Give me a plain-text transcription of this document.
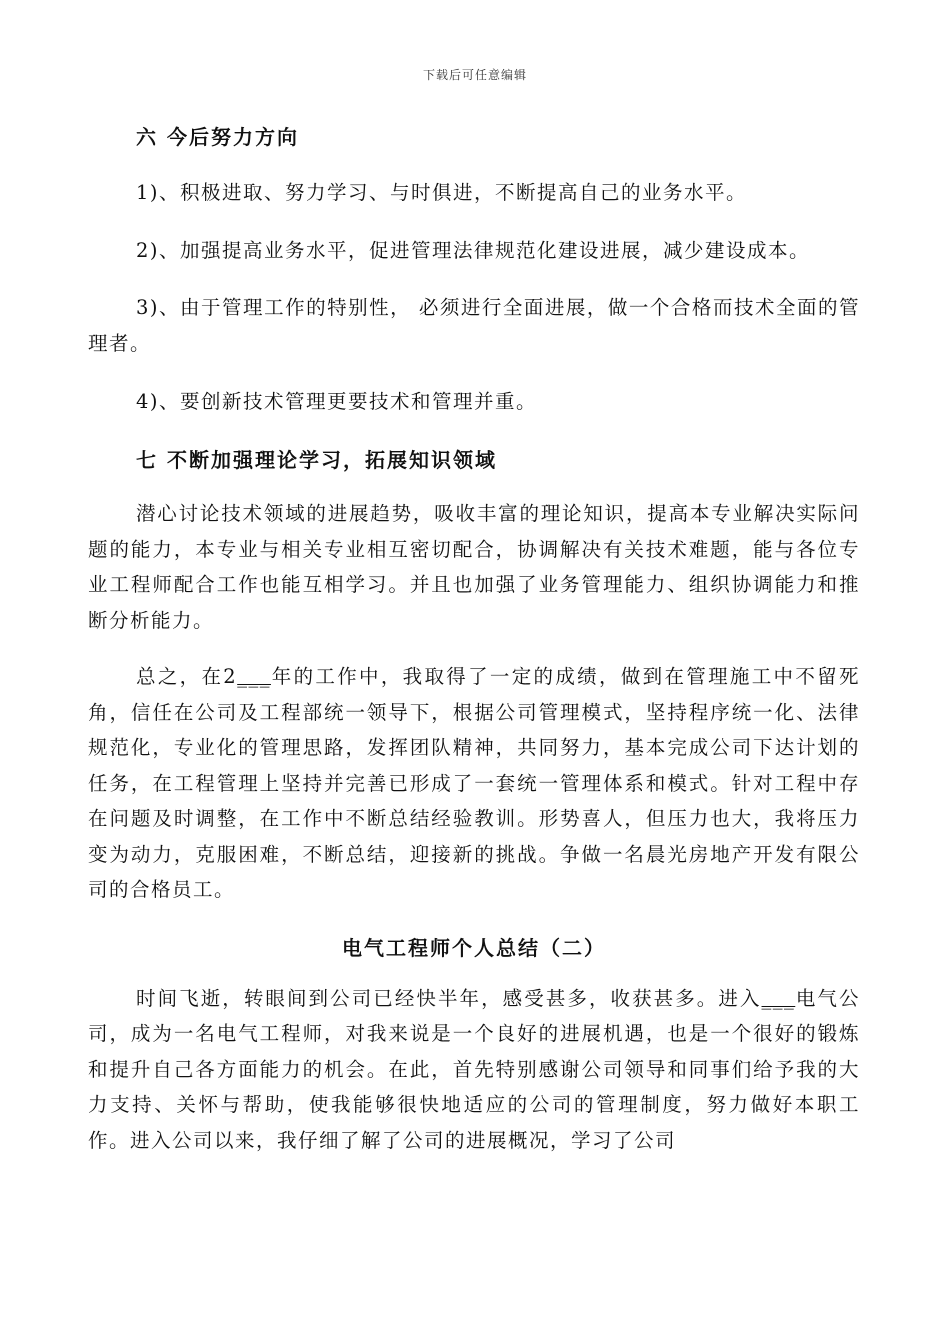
下载后可任意编辑

六 今后努力方向

1)、积极进取、努力学习、与时俱进，不断提高自己的业务水平。

2)、加强提高业务水平，促进管理法律规范化建设进展，减少建设成本。

3)、由于管理工作的特别性， 必须进行全面进展，做一个合格而技术全面的管理者。

4)、要创新技术管理更要技术和管理并重。

七 不断加强理论学习，拓展知识领域

潜心讨论技术领域的进展趋势，吸收丰富的理论知识，提高本专业解决实际问题的能力，本专业与相关专业相互密切配合，协调解决有关技术难题，能与各位专业工程师配合工作也能互相学习。并且也加强了业务管理能力、组织协调能力和推断分析能力。

总之，在2___年的工作中，我取得了一定的成绩，做到在管理施工中不留死角，信任在公司及工程部统一领导下，根据公司管理模式，坚持程序统一化、法律规范化，专业化的管理思路，发挥团队精神，共同努力，基本完成公司下达计划的任务，在工程管理上坚持并完善已形成了一套统一管理体系和模式。针对工程中存在问题及时调整，在工作中不断总结经验教训。形势喜人，但压力也大，我将压力变为动力，克服困难，不断总结，迎接新的挑战。争做一名晨光房地产开发有限公司的合格员工。

电气工程师个人总结（二）

时间飞逝，转眼间到公司已经快半年，感受甚多，收获甚多。进入___电气公司，成为一名电气工程师，对我来说是一个良好的进展机遇，也是一个很好的锻炼和提升自己各方面能力的机会。在此，首先特别感谢公司领导和同事们给予我的大力支持、关怀与帮助，使我能够很快地适应的公司的管理制度，努力做好本职工作。进入公司以来，我仔细了解了公司的进展概况，学习了公司
